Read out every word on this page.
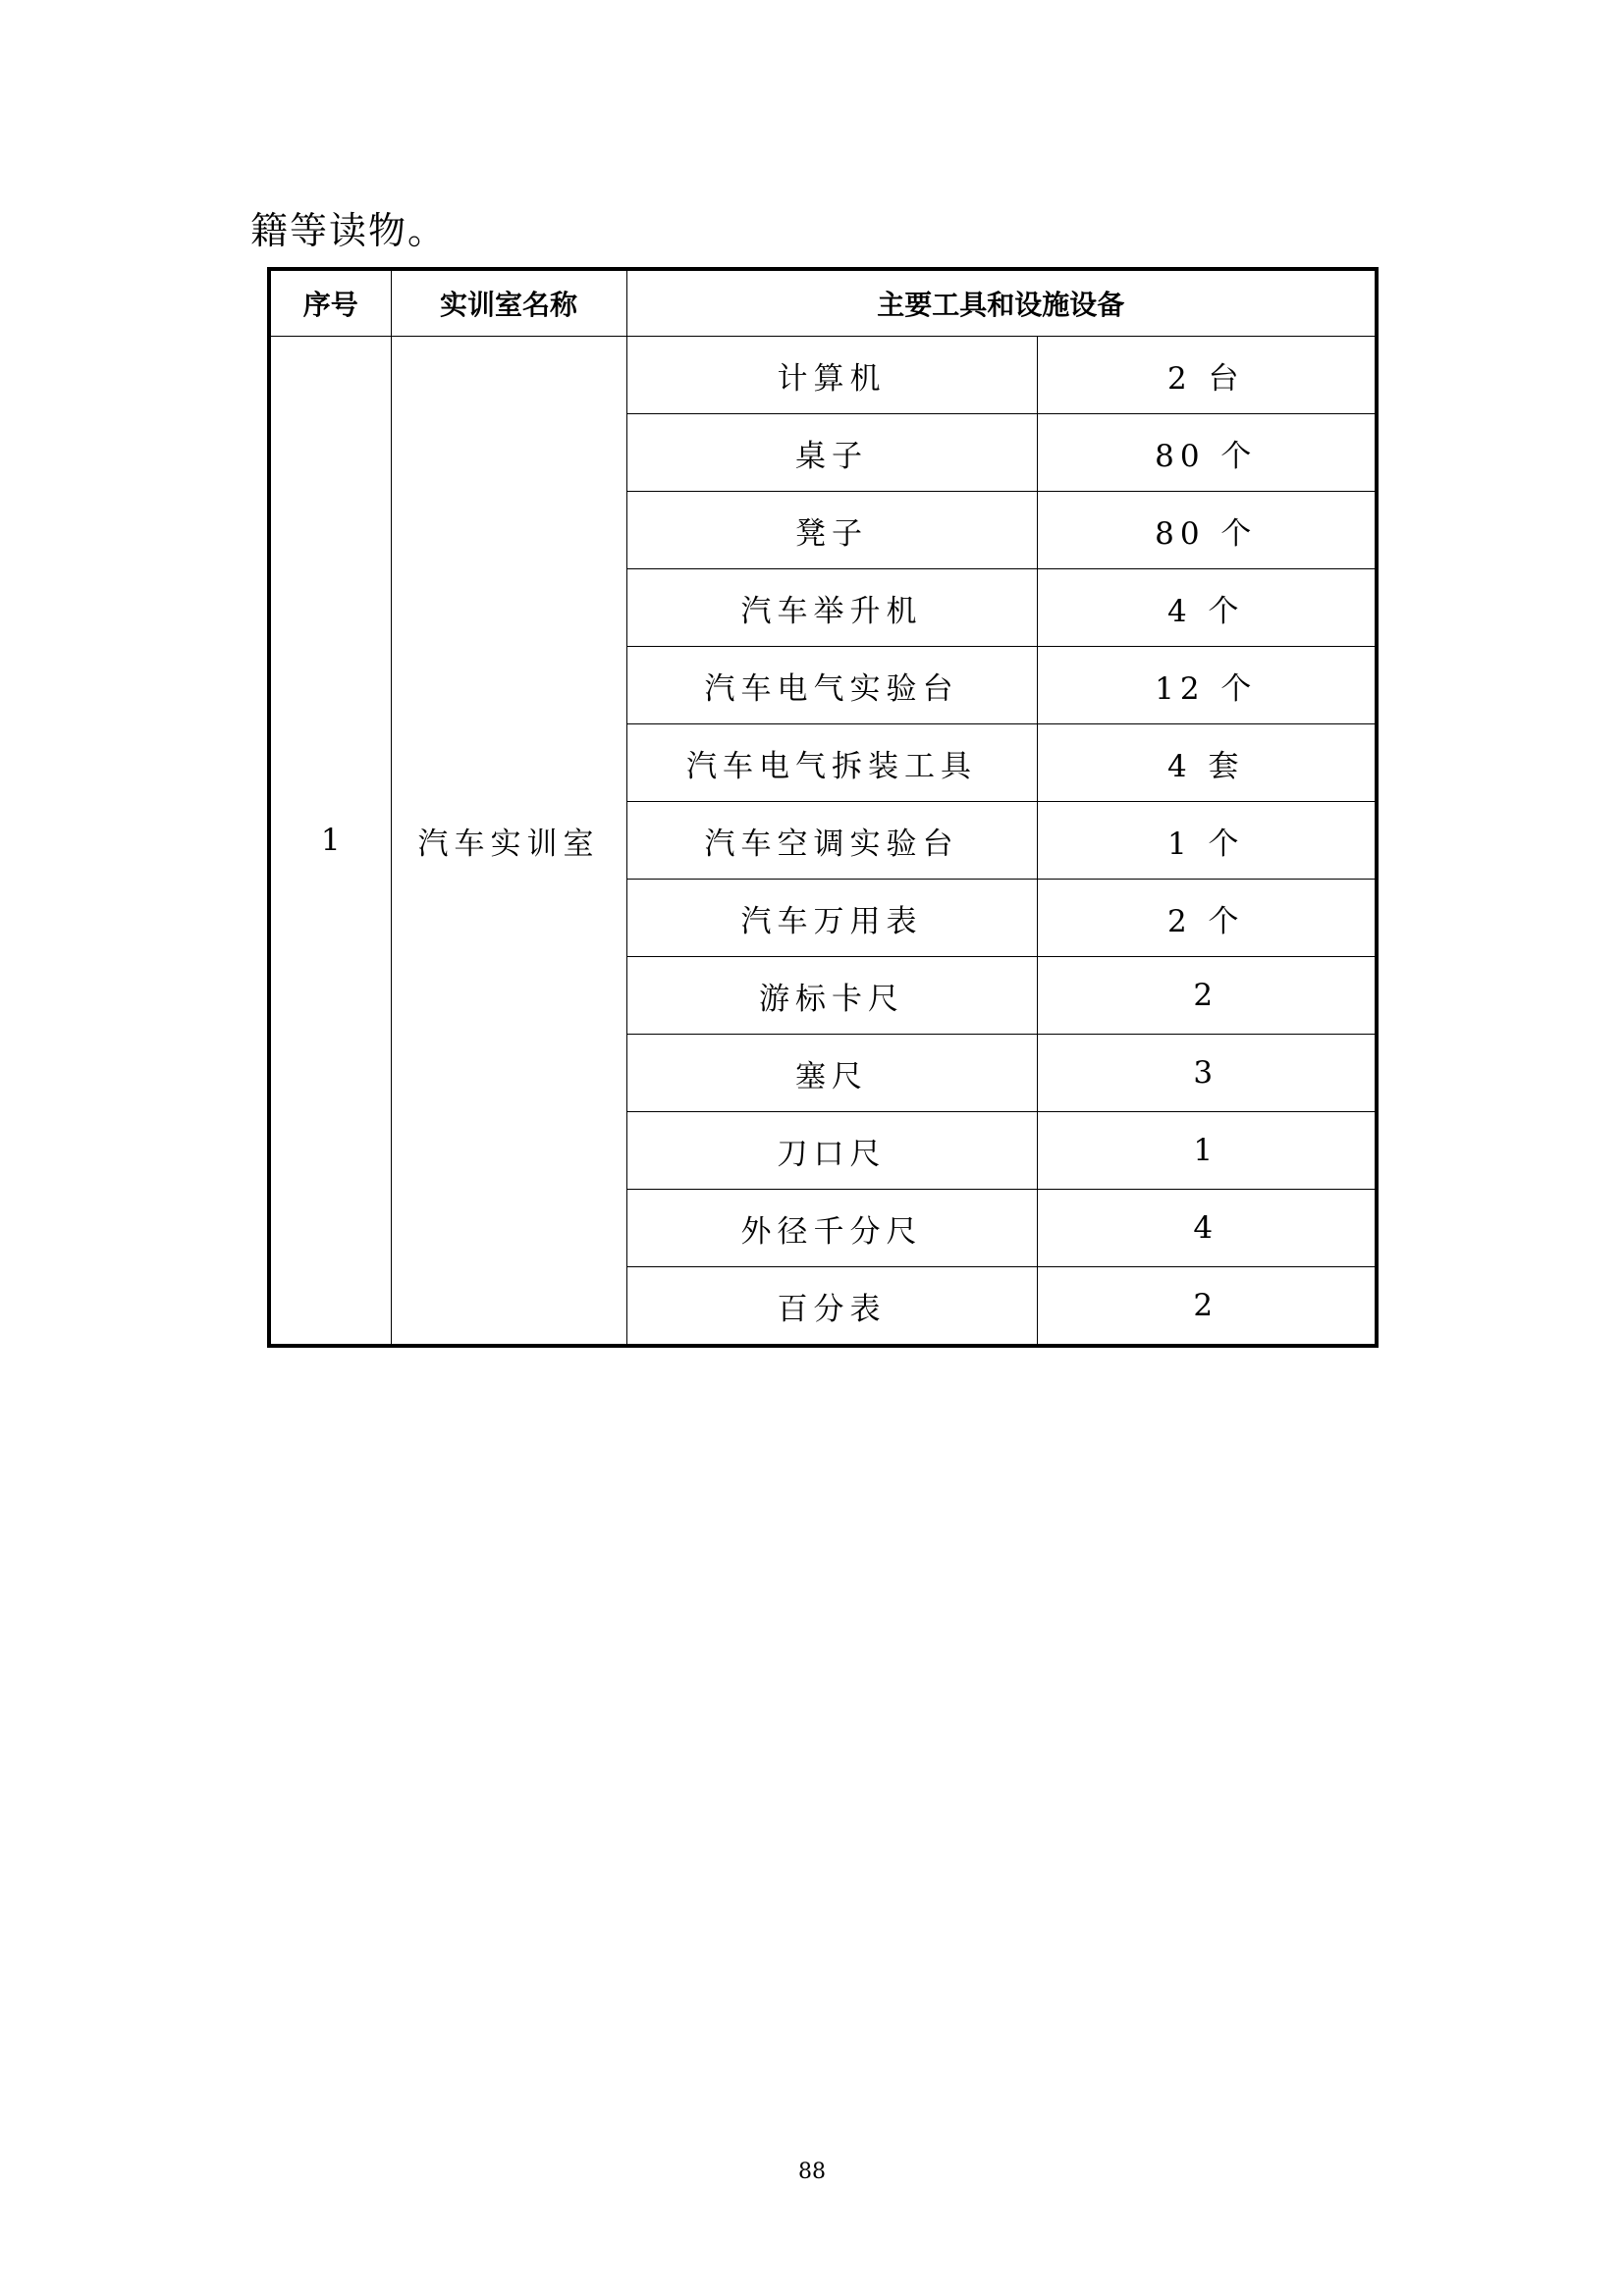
籍等读物。
序号	实训室名称	主要工具和设施设备	
1	汽车实训室	计算机	2 台
		桌子	80 个
		凳子	80 个
		汽车举升机	4 个
		汽车电气实验台	12 个
		汽车电气拆装工具	4 套
		汽车空调实验台	1 个
		汽车万用表	2 个
		游标卡尺	2
		塞尺	3
		刀口尺	1
		外径千分尺	4
		百分表	2
88
